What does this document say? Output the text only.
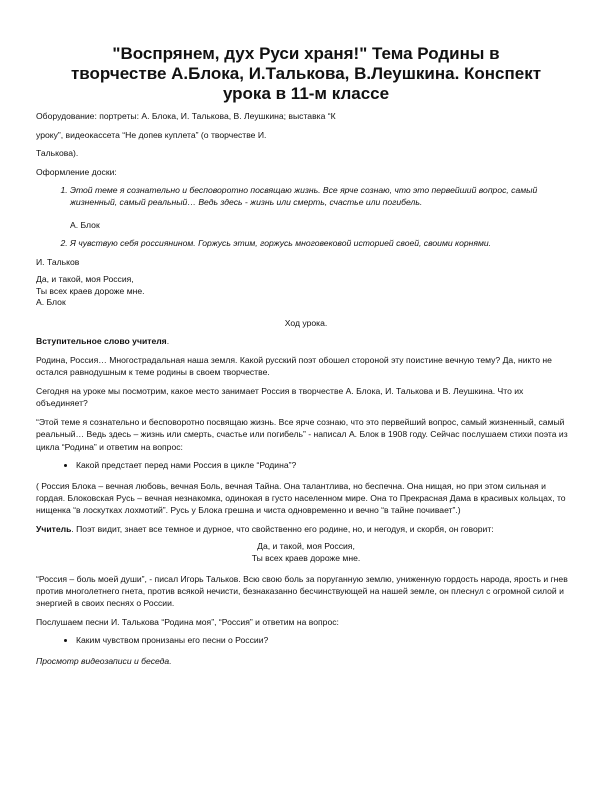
"Воспрянем, дух Руси храня!" Тема Родины в творчестве А.Блока, И.Талькова, В.Леушкина. Конспект урока в 11-м классе

Оборудование: портреты: А. Блока, И. Талькова, В. Леушкина; выставка “К

уроку”, видеокассета “Не допев куплета” (о творчестве И.

Талькова).

Оформление доски:

1. Этой теме я сознательно и бесповоротно посвящаю жизнь. Все ярче сознаю, что это первейший вопрос, самый жизненный, самый реальный… Ведь здесь - жизнь или смерть, счастье или погибель.
А. Блок
2. Я чувствую себя россиянином. Горжусь этим, горжусь многовековой историей своей, своими корнями.

И. Тальков

Да, и такой, моя Россия,
Ты всех краев дороже мне.
А. Блок

Ход урока.

Вступительное слово учителя.

Родина, Россия… Многострадальная наша земля. Какой русский поэт обошел стороной эту поистине вечную тему? Да, никто не остался равнодушным к теме родины в своем творчестве.

Сегодня на уроке мы посмотрим, какое место занимает Россия в творчестве А. Блока, И. Талькова и В. Леушкина. Что их объединяет?

“Этой теме я сознательно и бесповоротно посвящаю жизнь. Все ярче сознаю, что это первейший вопрос, самый жизненный, самый реальный… Ведь здесь – жизнь или смерть, счастье или погибель” - написал А. Блок в 1908 году. Сейчас послушаем стихи поэта из цикла “Родина” и ответим на вопрос:

• Какой предстает перед нами Россия в цикле “Родина”?

( Россия Блока – вечная любовь, вечная Боль, вечная Тайна. Она талантлива, но беспечна. Она нищая, но при этом сильная и гордая. Блоковская Русь – вечная незнакомка, одинокая в густо населенном мире. Она то Прекрасная Дама в красивых кольцах, то нищенка “в лоскутках лохмотий”. Русь у Блока грешна и чиста одновременно и вечно “в тайне почивает”.)

Учитель. Поэт видит, знает все темное и дурное, что свойственно его родине, но, и негодуя, и скорбя, он говорит:

Да, и такой, моя Россия,
Ты всех краев дороже мне.

“Россия – боль моей души”, - писал Игорь Тальков. Всю свою боль за поруганную землю, униженную гордость народа, ярость и гнев против многолетнего гнета, против всякой нечисти, безнаказанно бесчинствующей на нашей земле, он плеснул с огромной силой и энергией в своих песнях о России.

Послушаем песни И. Талькова “Родина моя”, “Россия” и ответим на вопрос:

• Каким чувством пронизаны его песни о России?

Просмотр видеозаписи и беседа.
